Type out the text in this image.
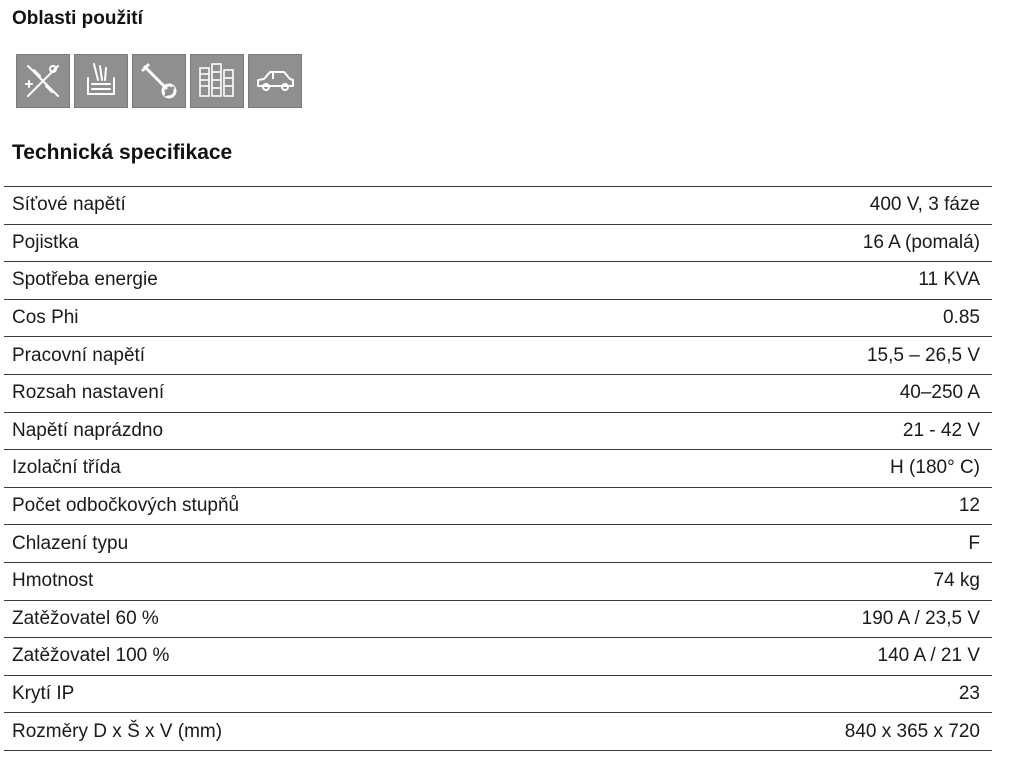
Oblasti použití
Technická specifikace
Síťové napětí	400 V, 3 fáze
Pojistka	16 A (pomalá)
Spotřeba energie	11 KVA
Cos Phi	0.85
Pracovní napětí	15,5 – 26,5 V
Rozsah nastavení	40–250 A
Napětí naprázdno	21 - 42 V
Izolační třída	H (180° C)
Počet odbočkových stupňů	12
Chlazení typu	F
Hmotnost	74 kg
Zatěžovatel 60 %	190 A / 23,5 V
Zatěžovatel 100 %	140 A / 21 V
Krytí IP	23
Rozměry D x Š x V (mm)	840 x 365 x 720
